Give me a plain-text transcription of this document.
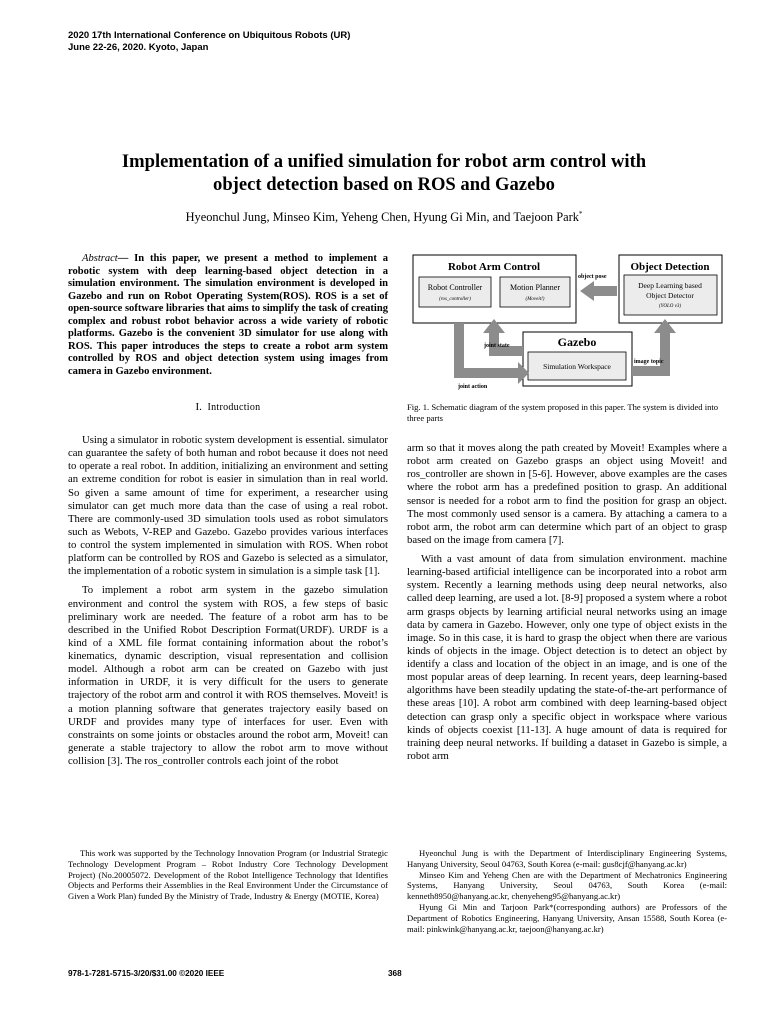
2020 17th International Conference on Ubiquitous Robots (UR)
June 22-26, 2020. Kyoto, Japan
Implementation of a unified simulation for robot arm control with
object detection based on ROS and Gazebo
Hyeonchul Jung, Minseo Kim, Yeheng Chen, Hyung Gi Min, and Taejoon Park*
Abstract— In this paper, we present a method to implement a robotic system with deep learning-based object detection in a simulation environment. The simulation environment is developed in Gazebo and run on Robot Operating System(ROS). ROS is a set of open-source software libraries that aims to simplify the task of creating complex and robust robot behavior across a wide variety of robotic platforms. Gazebo is the convenient 3D simulator for use along with ROS. This paper introduces the steps to create a robot arm system controlled by ROS and object detection system using images from camera in Gazebo environment.
I. Introduction

Using a simulator in robotic system development is essential. simulator can guarantee the safety of both human and robot because it does not need to operate a real robot. In addition, initializing an environment and setting an extreme condition for robot is easier in simulation than in real world. So given a same amount of time for experiment, a researcher using simulator can get much more data than the case of using a real robot. There are commonly-used 3D simulation tools used as robot simulators such as Webots, V-REP and Gazebo. Gazebo provides various interfaces to control the system implemented in simulation with ROS. When robot platform can be controlled by ROS and Gazebo is selected as a simulator, the implementation of a robotic system in simulation is a simple task [1].

To implement a robot arm system in the gazebo simulation environment and control the system with ROS, a few steps of basic preliminary work are needed. The feature of a robot arm has to be described in the Unified Robot Description Format(URDF). URDF is a kind of a XML file format containing information about the robot’s kinematics, dynamic description, visual representation and collision model. Although a robot arm can be created on Gazebo with just information in URDF, it is very difficult for the users to generate trajectory of the robot arm and control it with ROS themselves. Moveit! is a motion planning software that generates trajectory easily based on URDF and provides many type of interfaces for user. Even with constraints on some joints or obstacles around the robot arm, Moveit! can generate a stable trajectory to allow the robot arm to move without collision [3]. The ros_controller controls each joint of the robot

Robot Arm Control
Robot Controller
(ros_controller)
Motion Planner
(Moveit!)
Object Detection
Deep Learning based
Object Detector
(YOLO v3)
object pose
Gazebo
Simulation Workspace
joint state
joint action
image topic
Fig. 1. Schematic diagram of the system proposed in this paper. The system is divided into three parts

arm so that it moves along the path created by Moveit! Examples where a robot arm created on Gazebo grasps an object using Moveit! and ros_controller are shown in [5-6]. However, above examples are the cases where the robot arm has a predefined position to grasp. An additional sensor is needed for a robot arm to find the position for grasp an object. The most commonly used sensor is a camera. By attaching a camera to a robot arm, the robot arm can determine which part of an object to grasp based on the image from camera [7].

With a vast amount of data from simulation environment. machine learning-based artificial intelligence can be incorporated into a robot arm system. Recently a learning methods using deep neural networks, also called deep learning, are used a lot. [8-9] proposed a system where a robot arm grasps objects by learning artificial neural networks using an image data by camera in Gazebo. However, only one type of object exists in the image. So in this case, it is hard to grasp the object when there are various kinds of objects in the image. Object detection is to detect an object by identify a class and location of the object in an image, and is one of the most popular areas of deep learning. In recent years, deep learning-based algorithms have been steadily updating the state-of-the-art performance of these areas [10]. A robot arm combined with deep learning-based object detection can grasp only a specific object in workspace where various kinds of objects coexist [11-13]. A huge amount of data is required for training deep neural networks. If building a dataset in Gazebo is simple, a robot arm

This work was supported by the Technology Innovation Program (or Industrial Strategic Technology Development Program – Robot Industry Core Technology Development Project) (No.20005072. Development of the Robot Intelligence Technology that Identifies Objects and Performs their Assemblies in the Real Environment Under the Circumstance of Given a Work Plan) funded By the Ministry of Trade, Industry & Energy (MOTIE, Korea)

Hyeonchul Jung is with the Department of Interdisciplinary Engineering Systems, Hanyang University, Seoul 04763, South Korea (e-mail: gus8cjf@hanyang.ac.kr)

Minseo Kim and Yeheng Chen are with the Department of Mechatronics Engineering Systems, Hanyang University, Seoul 04763, South Korea (e-mail: kenneth8950@hanyang.ac.kr, chenyeheng95@hanyang.ac.kr)

Hyung Gi Min and Tarjoon Park*(corresponding authors) are Professors of the Department of Robotics Engineering, Hanyang University, Ansan 15588, South Korea (e-mail: pinkwink@hanyang.ac.kr, taejoon@hanyang.ac.kr)

978-1-7281-5715-3/20/$31.00 ©2020 IEEE	368
